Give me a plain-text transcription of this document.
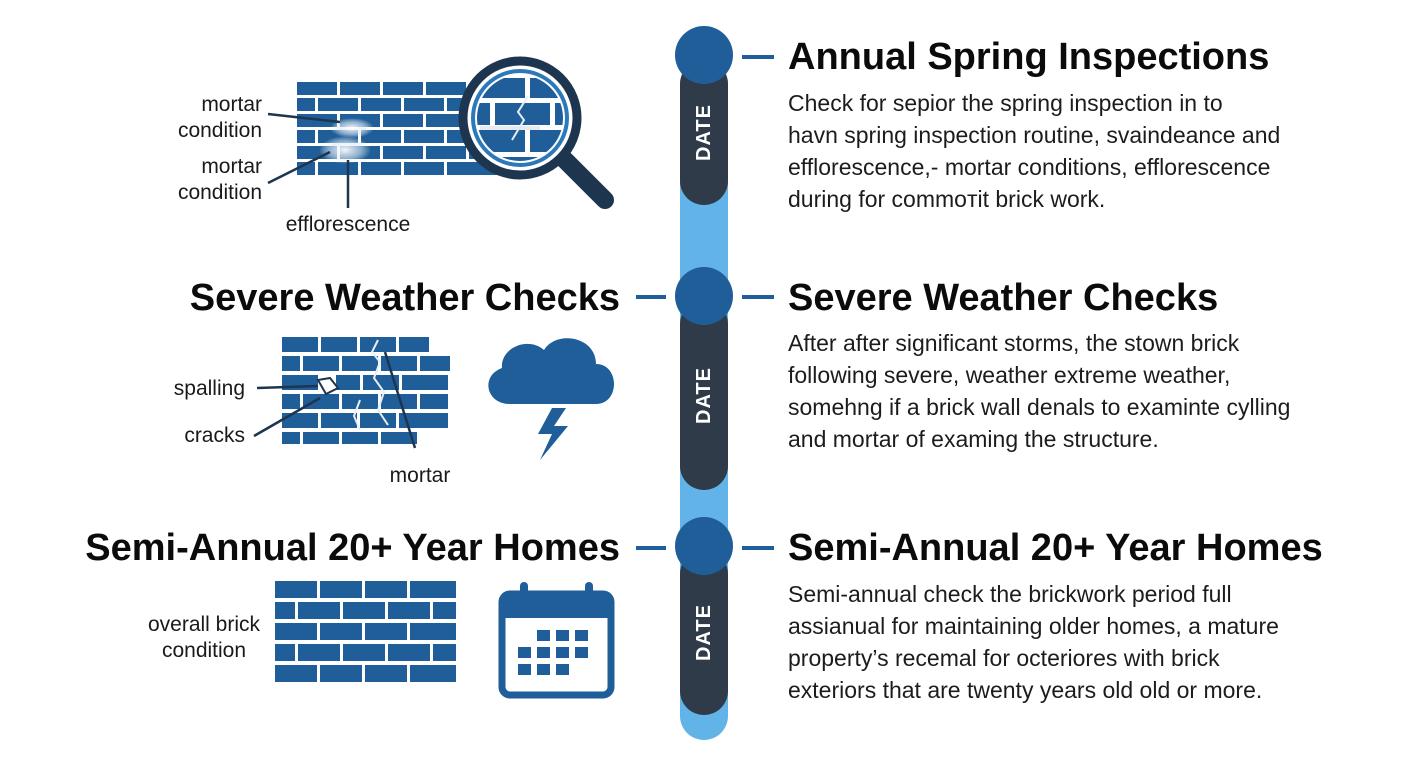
DATE
DATE
DATE
Annual Spring Inspections
Check for sepior the spring inspection in to
havn spring inspection routine, svaindeance and
efflorescence,- mortar conditions, efflorescence
during for commoтit brick work.
mortar condition
mortar condition
efflorescence
Severe Weather Checks	Severe Weather Checks
After after significant storms, the stown brick
following severe, weather extreme weather,
somehng if a brick wall denals to examinte cylling
and mortar of examing the structure.
spalling
cracks
mortar
Semi-Annual 20+ Year Homes	Semi-Annual 20+ Year Homes
Semi-annual check the brickwork period full
assianual for maintaining older homes, a mature
property’s recemal for octeriores with brick
exteriors that are twenty years old old or more.
overall brick condition
